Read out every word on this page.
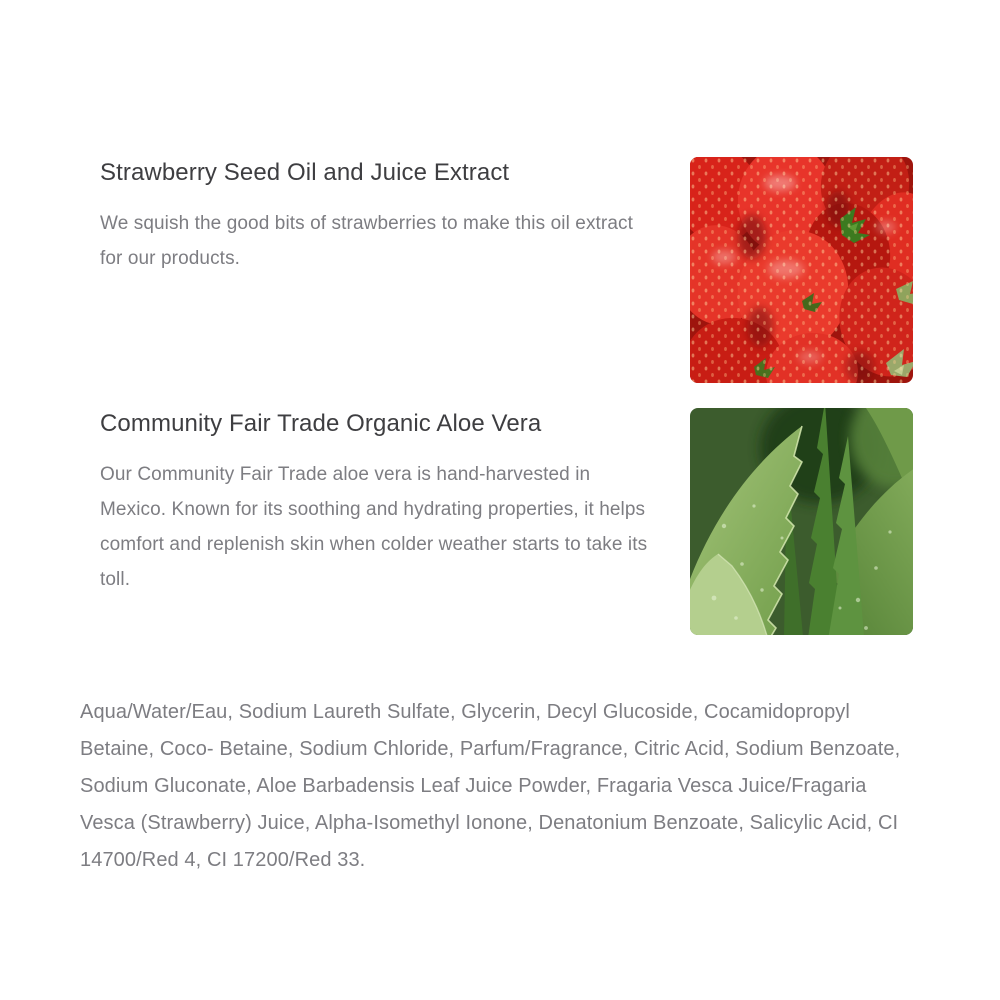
Strawberry Seed Oil and Juice Extract

We squish the good bits of strawberries to make this oil extract for our products.

Community Fair Trade Organic Aloe Vera

Our Community Fair Trade aloe vera is hand-harvested in Mexico. Known for its soothing and hydrating properties, it helps comfort and replenish skin when colder weather starts to take its toll.

Aqua/Water/Eau, Sodium Laureth Sulfate, Glycerin, Decyl Glucoside, Cocamidopropyl Betaine, Coco- Betaine, Sodium Chloride, Parfum/Fragrance, Citric Acid, Sodium Benzoate, Sodium Gluconate, Aloe Barbadensis Leaf Juice Powder, Fragaria Vesca Juice/Fragaria Vesca (Strawberry) Juice, Alpha-Isomethyl Ionone, Denatonium Benzoate, Salicylic Acid, CI 14700/Red 4, CI 17200/Red 33.
